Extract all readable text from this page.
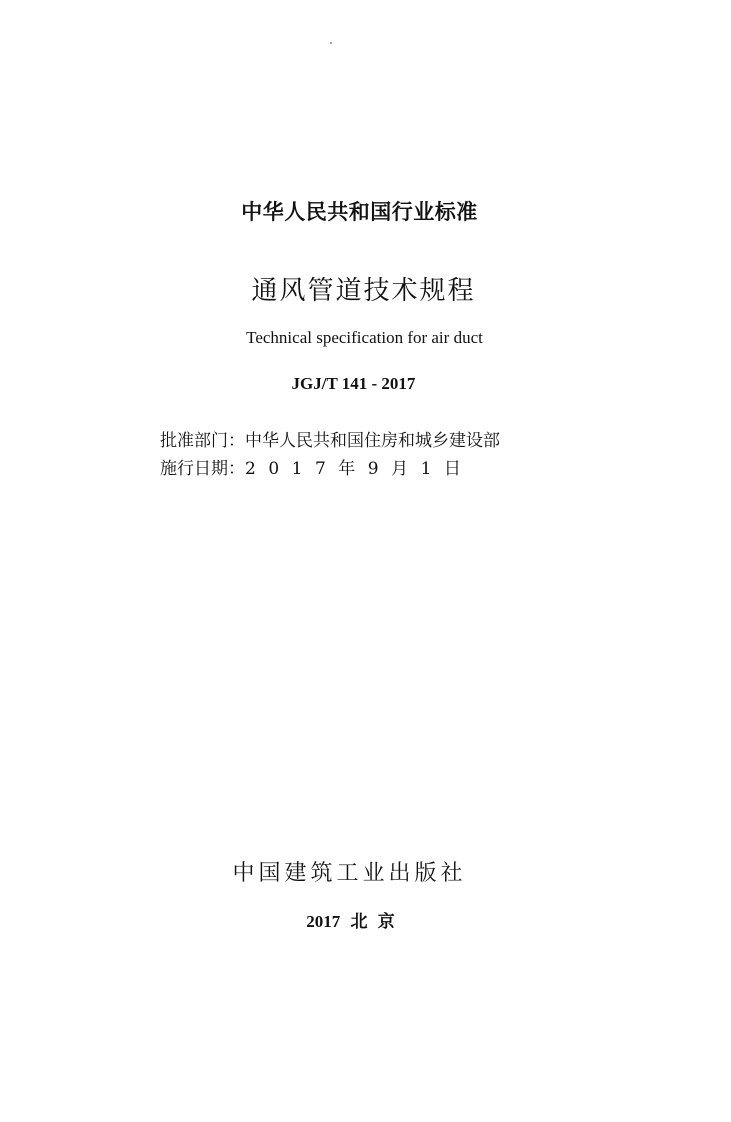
中华人民共和国行业标准
通风管道技术规程
Technical specification for air duct
JGJ/T 141 - 2017
批准部门：中华人民共和国住房和城乡建设部
施行日期：2017年9月1日
中国建筑工业出版社
2017 北 京
